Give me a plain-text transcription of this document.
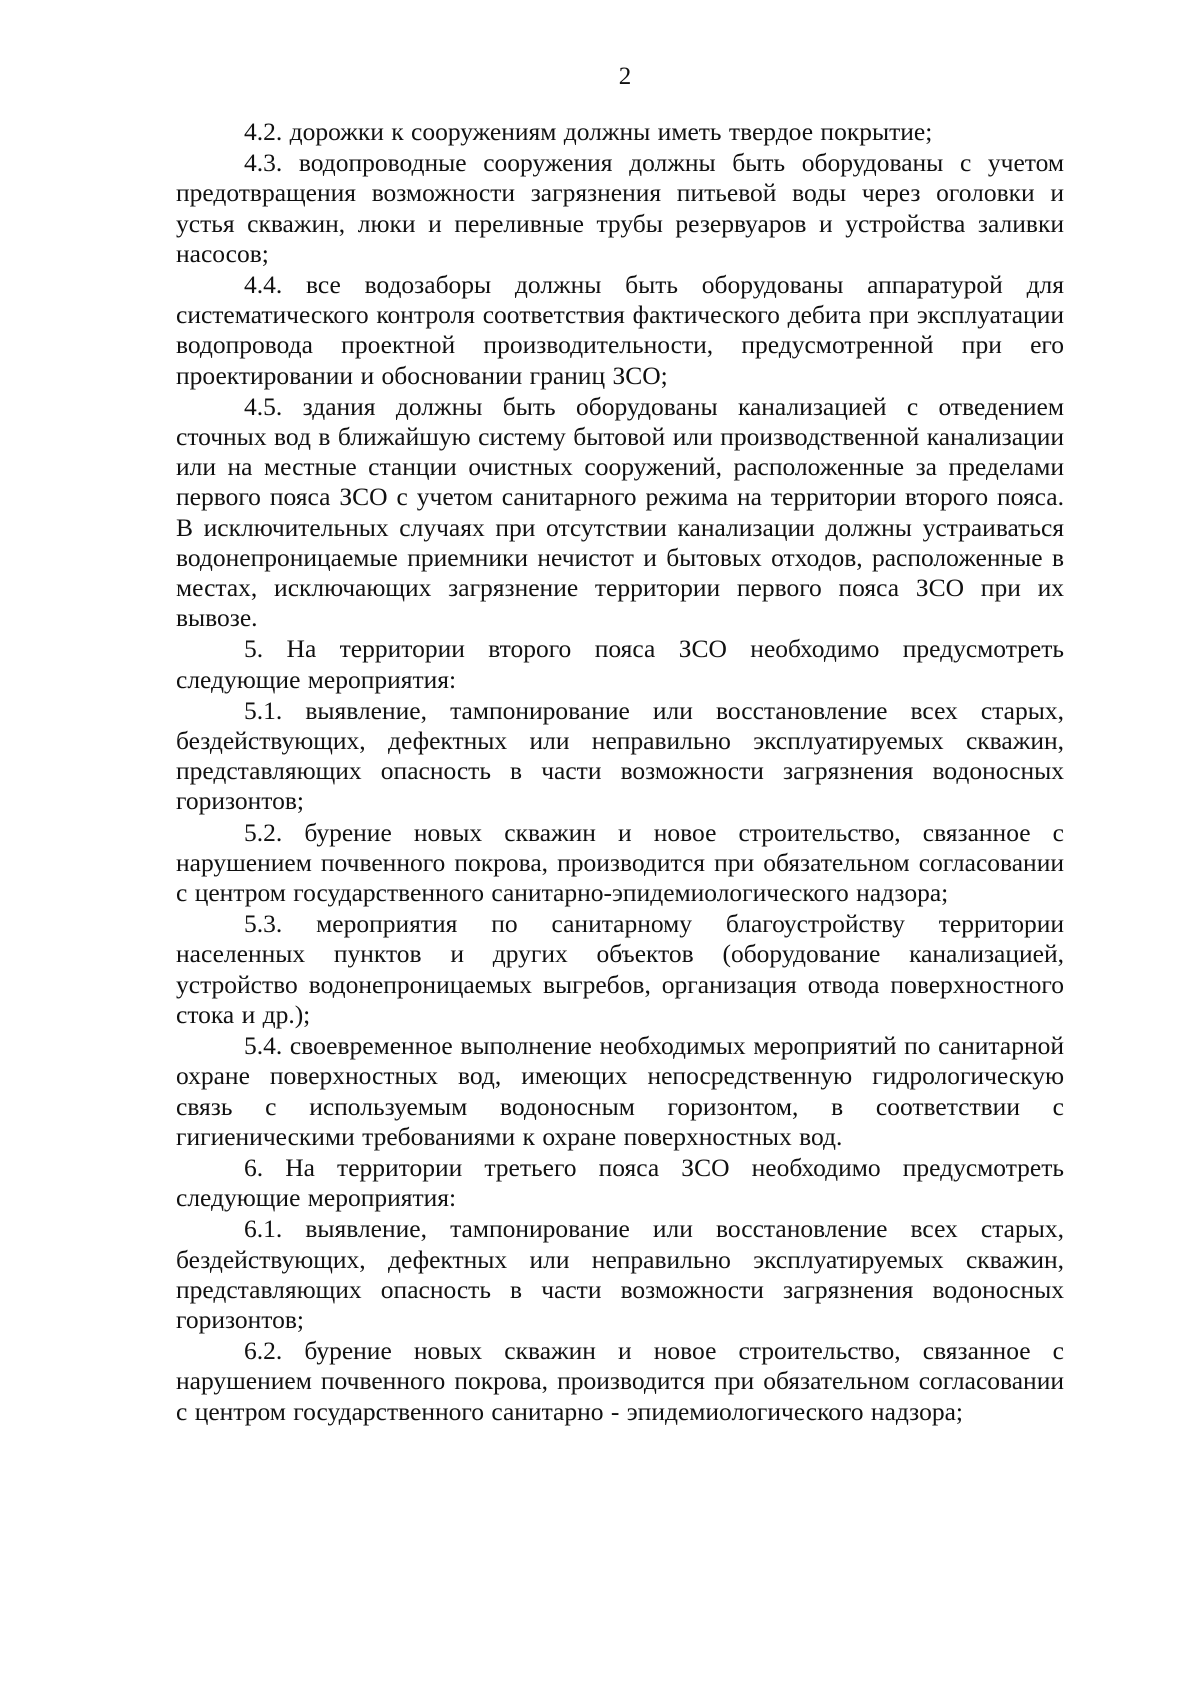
2

4.2. дорожки к сооружениям должны иметь твердое покрытие;

4.3. водопроводные сооружения должны быть оборудованы с учетом предотвращения возможности загрязнения питьевой воды через оголовки и устья скважин, люки и переливные трубы резервуаров и устройства заливки насосов;

4.4. все водозаборы должны быть оборудованы аппаратурой для систематического контроля соответствия фактического дебита при эксплуатации водопровода проектной производительности, предусмотренной при его проектировании и обосновании границ ЗСО;

4.5. здания должны быть оборудованы канализацией с отведением сточных вод в ближайшую систему бытовой или производственной канализации или на местные станции очистных сооружений, расположенные за пределами первого пояса ЗСО с учетом санитарного режима на территории второго пояса. В исключительных случаях при отсутствии канализации должны устраиваться водонепроницаемые приемники нечистот и бытовых отходов, расположенные в местах, исключающих загрязнение территории первого пояса ЗСО при их вывозе.

5. На территории второго пояса ЗСО необходимо предусмотреть следующие мероприятия:

5.1. выявление, тампонирование или восстановление всех старых, бездействующих, дефектных или неправильно эксплуатируемых скважин, представляющих опасность в части возможности загрязнения водоносных горизонтов;

5.2. бурение новых скважин и новое строительство, связанное с нарушением почвенного покрова, производится при обязательном согласовании с центром государственного санитарно-эпидемиологического надзора;

5.3. мероприятия по санитарному благоустройству территории населенных пунктов и других объектов (оборудование канализацией, устройство водонепроницаемых выгребов, организация отвода поверхностного стока и др.);

5.4. своевременное выполнение необходимых мероприятий по санитарной охране поверхностных вод, имеющих непосредственную гидрологическую связь с используемым водоносным горизонтом, в соответствии с гигиеническими требованиями к охране поверхностных вод.

6. На территории третьего пояса ЗСО необходимо предусмотреть следующие мероприятия:

6.1. выявление, тампонирование или восстановление всех старых, бездействующих, дефектных или неправильно эксплуатируемых скважин, представляющих опасность в части возможности загрязнения водоносных горизонтов;

6.2. бурение новых скважин и новое строительство, связанное с нарушением почвенного покрова, производится при обязательном согласовании с центром государственного санитарно - эпидемиологического надзора;
